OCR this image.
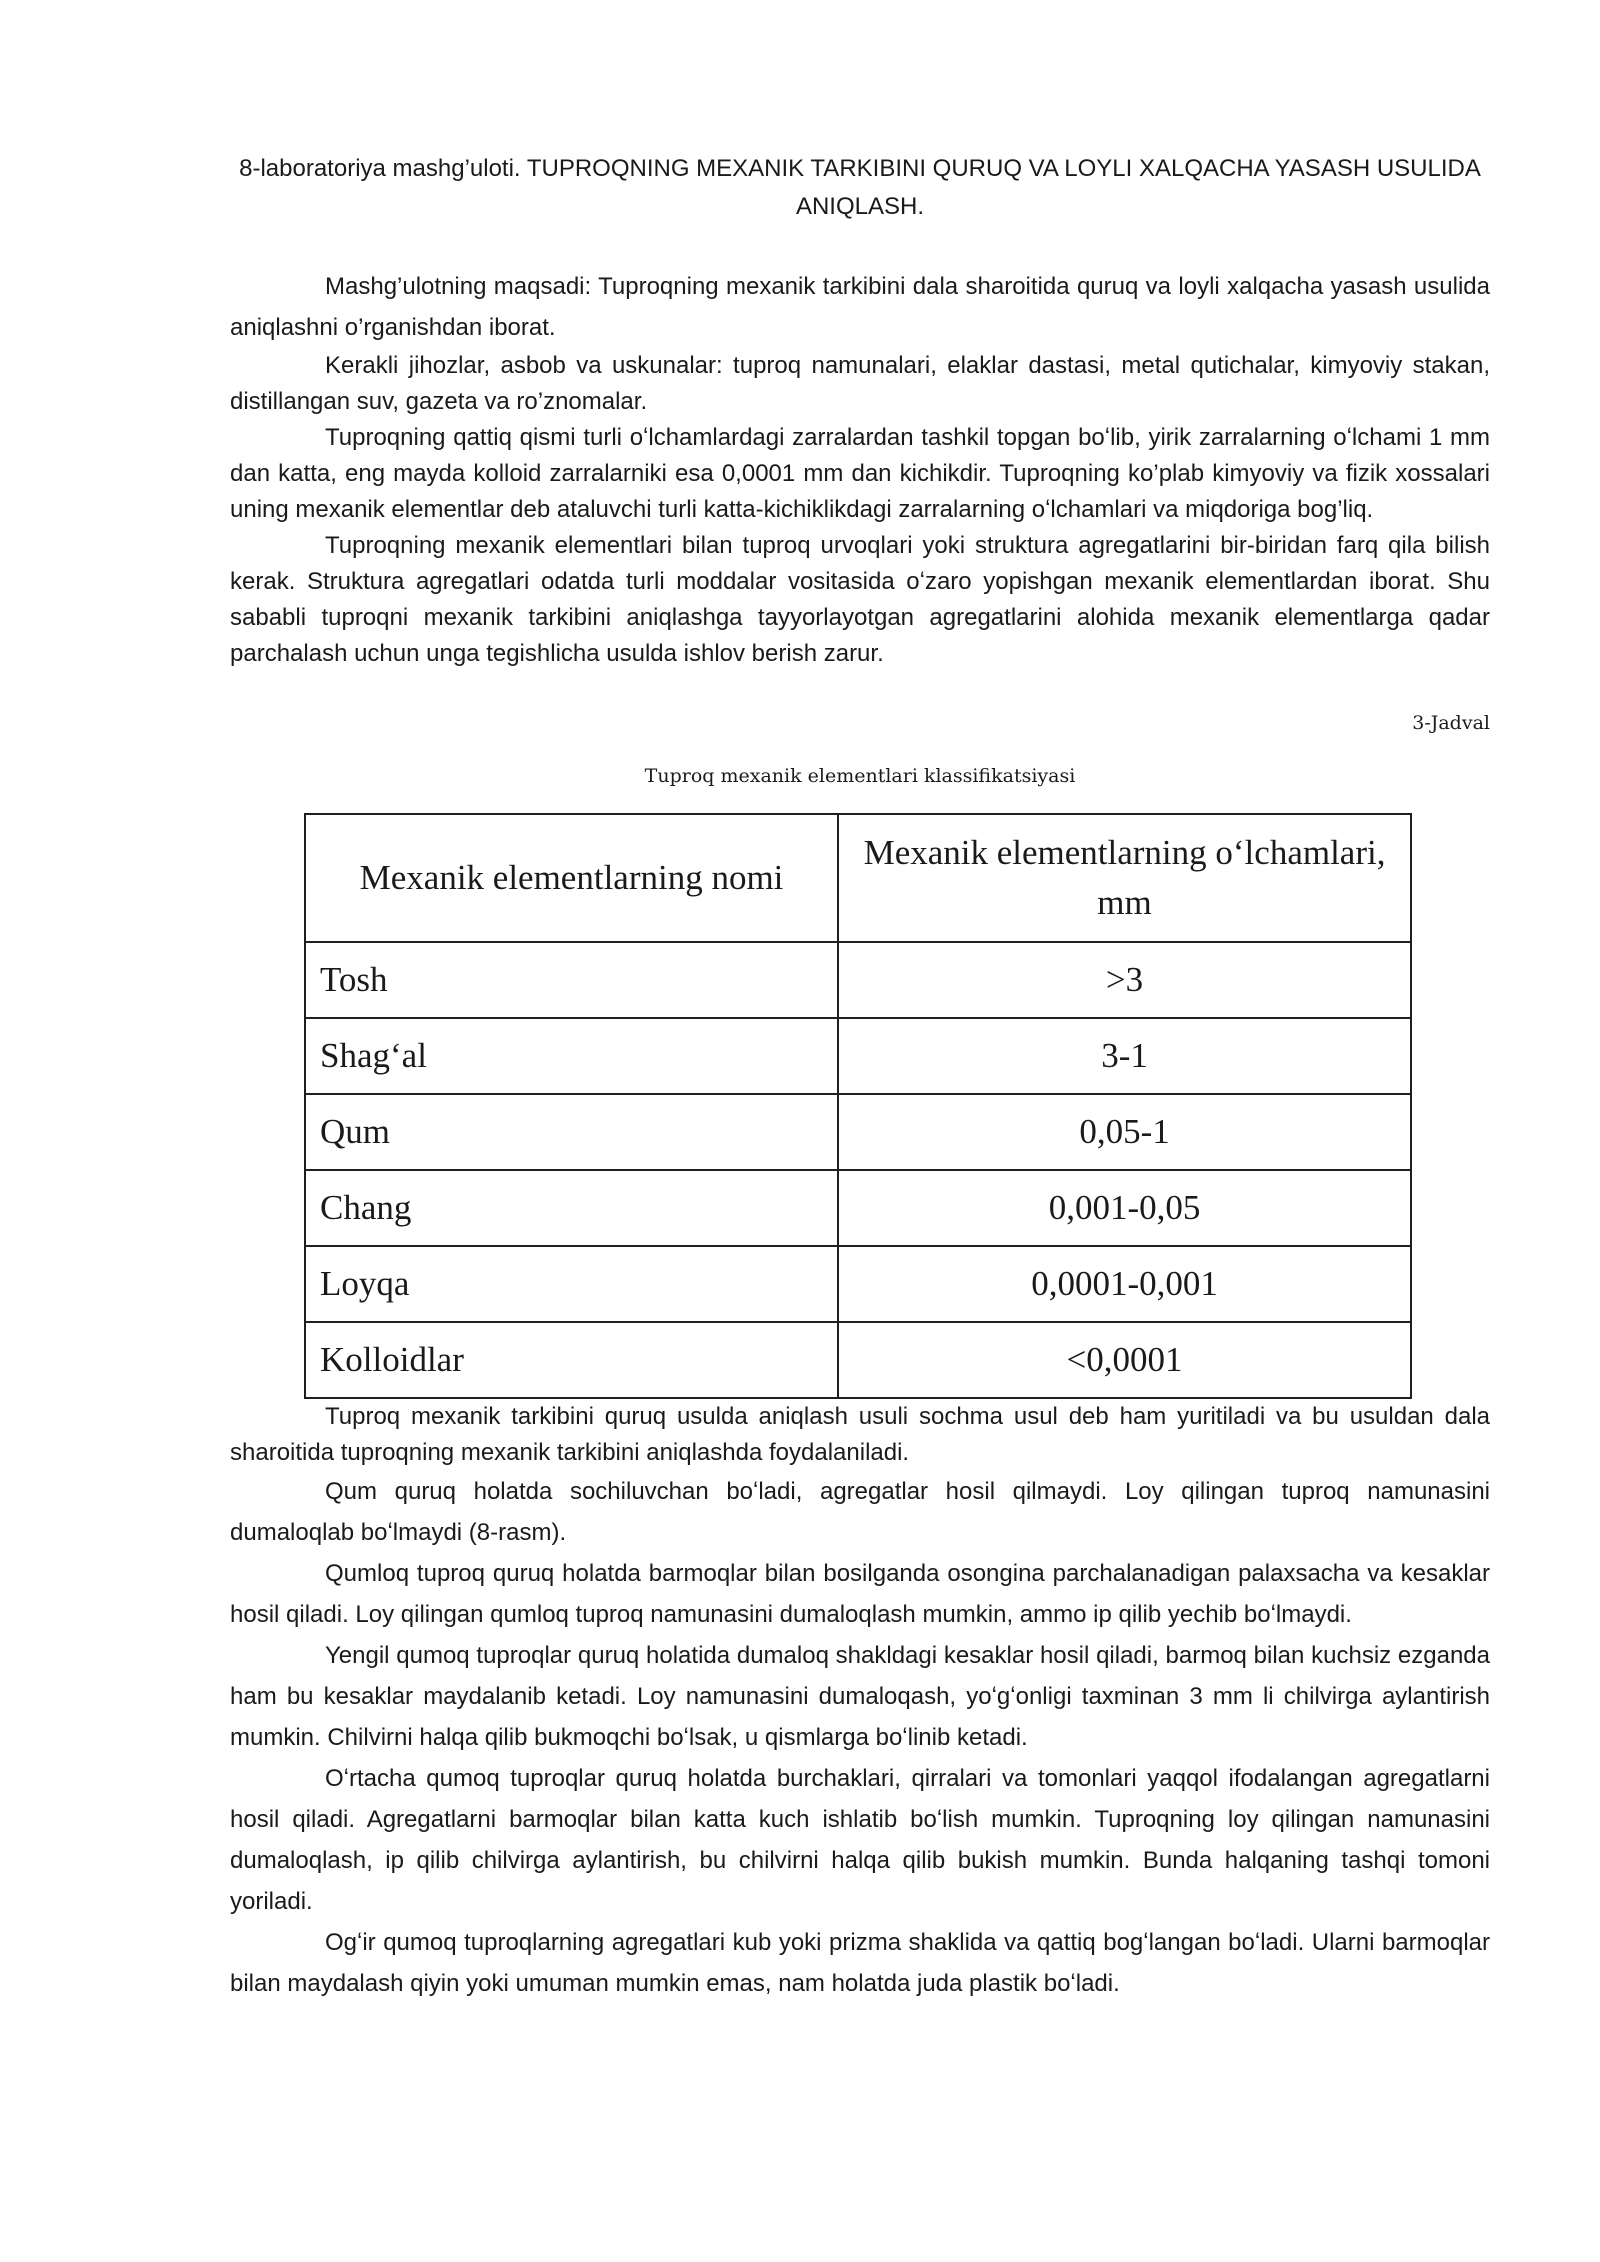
8-laboratoriya mashg’uloti. TUPROQNING MEXANIK TARKIBINI QURUQ VA LOYLI XALQACHA YASASH USULIDA ANIQLASH.

Mashg’ulotning maqsadi: Tuproqning mexanik tarkibini dala sharoitida quruq va loyli xalqacha yasash usulida aniqlashni o’rganishdan iborat.

Kerakli jihozlar, asbob va uskunalar: tuproq namunalari, elaklar dastasi, metal qutichalar, kimyoviy stakan, distillangan suv, gazeta va ro’znomalar.

Tuproqning qattiq qismi turli oʻlchamlardagi zarralardan tashkil topgan boʻlib, yirik zarralarning oʻlchami 1 mm dan katta, eng mayda kolloid zarralarniki esa 0,0001 mm dan kichikdir. Tuproqning ko’plab kimyoviy va fizik xossalari uning mexanik elementlar deb ataluvchi turli katta-kichiklikdagi zarralarning oʻlchamlari va miqdoriga bog’liq.

Tuproqning mexanik elementlari bilan tuproq urvoqlari yoki struktura agregatlarini bir-biridan farq qila bilish kerak. Struktura agregatlari odatda turli moddalar vositasida oʻzaro yopishgan mexanik elementlardan iborat. Shu sababli tuproqni mexanik tarkibini aniqlashga tayyorlayotgan agregatlarini alohida mexanik elementlarga qadar parchalash uchun unga tegishlicha usulda ishlov berish zarur.

3-Jadval
Tuproq mexanik elementlari klassifikatsiyasi
Mexanik elementlarning nomi	Mexanik elementlarning oʻlchamlari, mm
Tosh	>3
Shagʻal	3-1
Qum	0,05-1
Chang	0,001-0,05
Loyqa	0,0001-0,001
Kolloidlar	<0,0001

Tuproq mexanik tarkibini quruq usulda aniqlash usuli sochma usul deb ham yuritiladi va bu usuldan dala sharoitida tuproqning mexanik tarkibini aniqlashda foydalaniladi.

Qum quruq holatda sochiluvchan boʻladi, agregatlar hosil qilmaydi. Loy qilingan tuproq namunasini dumaloqlab boʻlmaydi (8-rasm).

Qumloq tuproq quruq holatda barmoqlar bilan bosilganda osongina parchalanadigan palaxsacha va kesaklar hosil qiladi. Loy qilingan qumloq tuproq namunasini dumaloqlash mumkin, ammo ip qilib yechib boʻlmaydi.

Yengil qumoq tuproqlar quruq holatida dumaloq shakldagi kesaklar hosil qiladi, barmoq bilan kuchsiz ezganda ham bu kesaklar maydalanib ketadi. Loy namunasini dumaloqash, yoʻgʻonligi taxminan 3 mm li chilvirga aylantirish mumkin. Chilvirni halqa qilib bukmoqchi boʻlsak, u qismlarga boʻlinib ketadi.

Oʻrtacha qumoq tuproqlar quruq holatda burchaklari, qirralari va tomonlari yaqqol ifodalangan agregatlarni hosil qiladi. Agregatlarni barmoqlar bilan katta kuch ishlatib boʻlish mumkin. Tuproqning loy qilingan namunasini dumaloqlash, ip qilib chilvirga aylantirish, bu chilvirni halqa qilib bukish mumkin. Bunda halqaning tashqi tomoni yoriladi.

Ogʻir qumoq tuproqlarning agregatlari kub yoki prizma shaklida va qattiq bogʻlangan boʻladi. Ularni barmoqlar bilan maydalash qiyin yoki umuman mumkin emas, nam holatda juda plastik boʻladi.
